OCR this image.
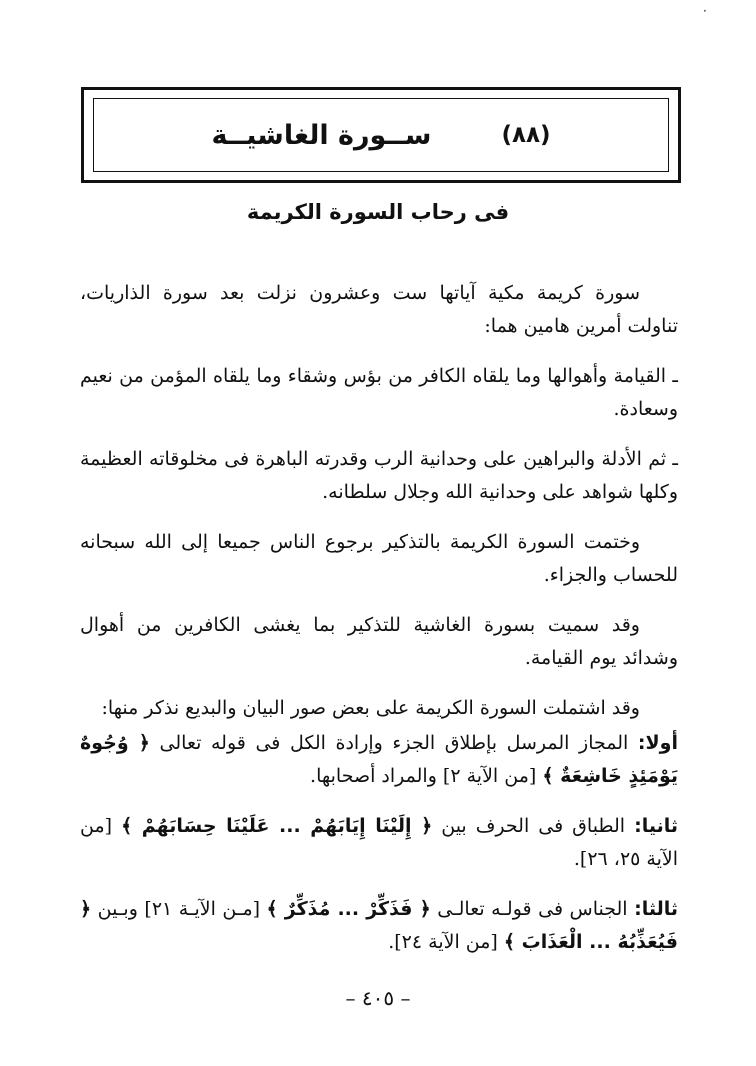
·
(٨٨)
ســورة الغاشيــة
فى رحاب السورة الكريمة

سورة كريمة مكية آياتها ست وعشرون نزلت بعد سورة الذاريات، تناولت أمرين هامين هما:

ـ القيامة وأهوالها وما يلقاه الكافر من بؤس وشقاء وما يلقاه المؤمن من نعيم وسعادة.

ـ ثم الأدلة والبراهين على وحدانية الرب وقدرته الباهرة فى مخلوقاته العظيمة وكلها شواهد على وحدانية الله وجلال سلطانه.

وختمت السورة الكريمة بالتذكير برجوع الناس جميعا إلى الله سبحانه للحساب والجزاء.

وقد سميت بسورة الغاشية للتذكير بما يغشى الكافرين من أهوال وشدائد يوم القيامة.

وقد اشتملت السورة الكريمة على بعض صور البيان والبديع نذكر منها:

أولا: المجاز المرسل بإطلاق الجزء وإرادة الكل فى قوله تعالى ﴿ وُجُوهٌ يَوْمَئِذٍ خَاشِعَةٌ ﴾ [من الآية ٢] والمراد أصحابها.

ثانيا: الطباق فى الحرف بين ﴿ إِلَيْنَا إِيَابَهُمْ ... عَلَيْنَا حِسَابَهُمْ ﴾ [من الآية ٢٥، ٢٦].

ثالثا: الجناس فى قولـه تعالـى ﴿ فَذَكِّرْ ... مُذَكِّرٌ ﴾ [مـن الآيـة ٢١] وبـين ﴿ فَيُعَذِّبُهُ ... الْعَذَابَ ﴾ [من الآية ٢٤].

– ٤٠٥ –
